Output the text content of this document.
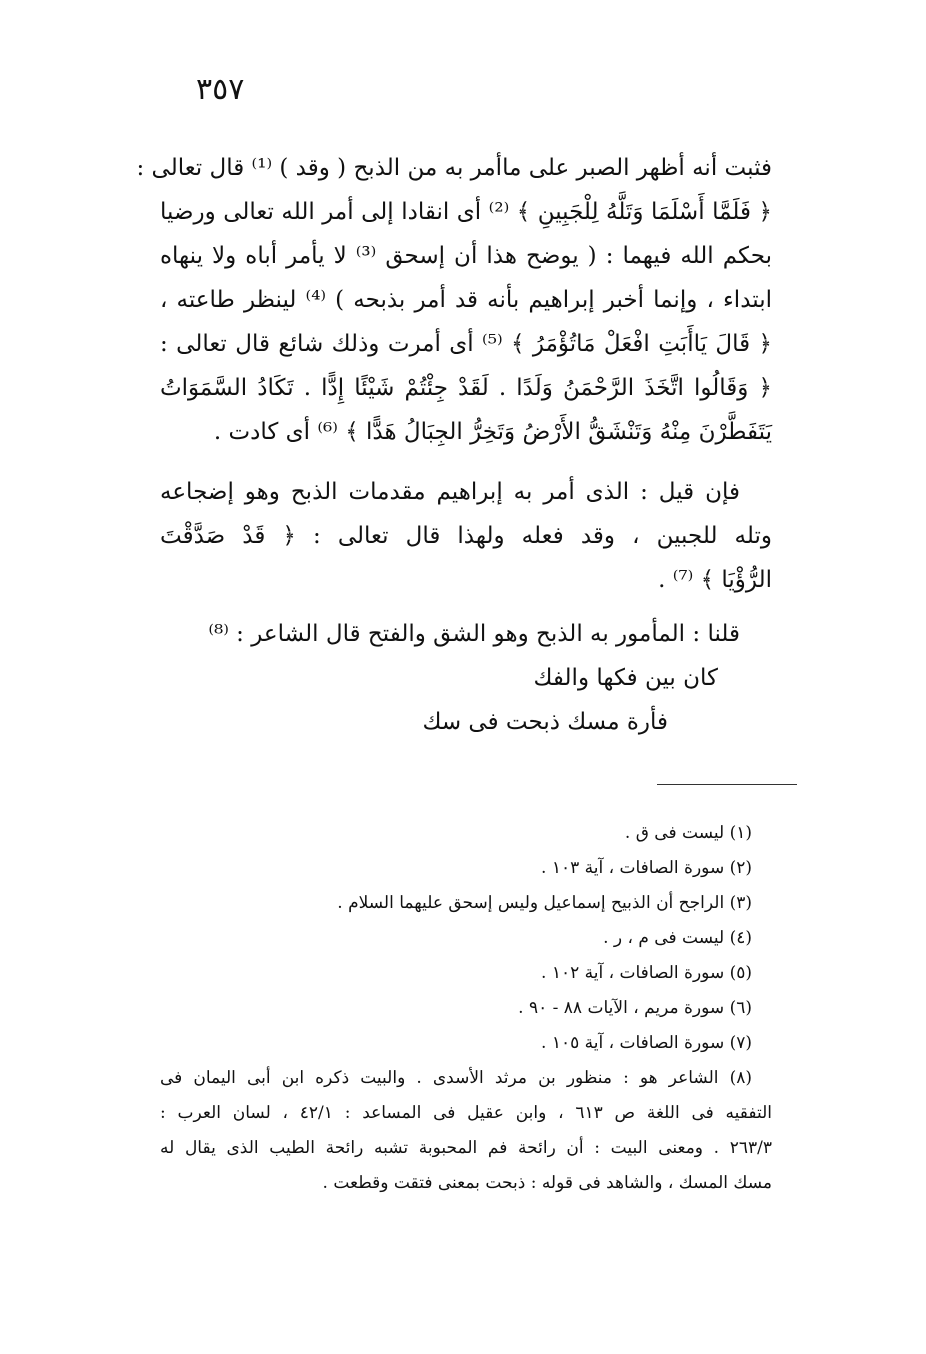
٣٥٧
فثبت أنه أظهر الصبر على ماأمر به من الذبح ( وقد ) ⁽¹⁾ قال تعالى :
﴿ فَلَمَّا أَسْلَمَا وَتَلَّهُ لِلْجَبِينِ ﴾ ⁽²⁾ أى انقادا إلى أمر الله تعالى ورضيا
بحكم الله فيهما : ( يوضح هذا أن إسحق ⁽³⁾ لا يأمر أباه ولا ينهاه
ابتداء ، وإنما أخبر إبراهيم بأنه قد أمر بذبحه ) ⁽⁴⁾ لينظر طاعته ،
﴿ قَالَ يَاأَبَتِ افْعَلْ مَاتُؤْمَرُ ﴾ ⁽⁵⁾ أى أمرت وذلك شائع قال تعالى :
﴿ وَقَالُوا اتَّخَذَ الرَّحْمَنُ وَلَدًا . لَقَدْ جِئْتُمْ شَيْئًا إِدًّا . تَكَادُ السَّمَوَاتُ
يَتَفَطَّرْنَ مِنْهُ وَتَنْشَقُّ الأَرْضُ وَتَخِرُّ الجِبَالُ هَدًّا ﴾ ⁽⁶⁾ أى كادت .
فإن قيل : الذى أمر به إبراهيم مقدمات الذبح وهو إضجاعه
وتله للجبين ، وقد فعله ولهذا قال تعالى : ﴿ قَدْ صَدَّقْتَ
الرُّؤْيَا ﴾ ⁽⁷⁾ .
قلنا : المأمور به الذبح وهو الشق والفتح قال الشاعر : ⁽⁸⁾
كان بين فكها والفك
فأرة مسك ذبحت فى سك
(١) ليست فى ق .
(٢) سورة الصافات ، آية ١٠٣ .
(٣) الراجح أن الذبيح إسماعيل وليس إسحق عليهما السلام .
(٤) ليست فى م ، ر .
(٥) سورة الصافات ، آية ١٠٢ .
(٦) سورة مريم ، الآيات ٨٨ - ٩٠ .
(٧) سورة الصافات ، آية ١٠٥ .
(٨) الشاعر هو : منظور بن مرثد الأسدى . والبيت ذكره ابن أبى اليمان فى
التفقيه فى اللغة ص ٦١٣ ، وابن عقيل فى المساعد : ٤٢/١ ، لسان العرب :
٢٦٣/٣ . ومعنى البيت : أن رائحة فم المحبوبة تشبه رائحة الطيب الذى يقال له
مسك المسك ، والشاهد فى قوله : ذبحت بمعنى فتقت وقطعت .
